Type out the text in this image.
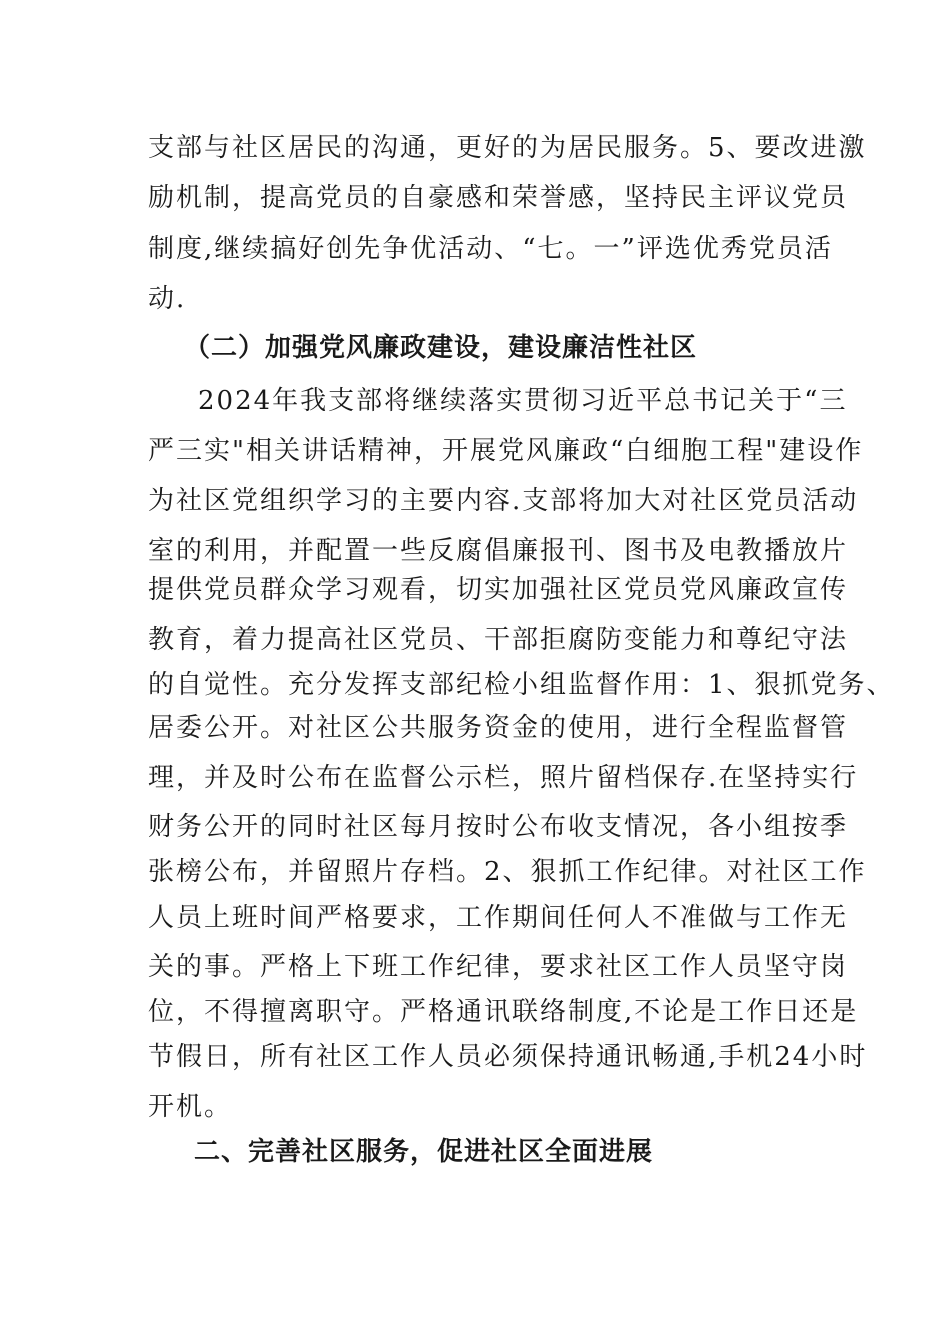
支部与社区居民的沟通，更好的为居民服务。5、要改进激
励机制，提高党员的自豪感和荣誉感，坚持民主评议党员
制度,继续搞好创先争优活动、“七。一”评选优秀党员活
动.
（二）加强党风廉政建设，建设廉洁性社区
2024年我支部将继续落实贯彻习近平总书记关于“三
严三实"相关讲话精神，开展党风廉政“白细胞工程"建设作
为社区党组织学习的主要内容.支部将加大对社区党员活动
室的利用，并配置一些反腐倡廉报刊、图书及电教播放片
提供党员群众学习观看，切实加强社区党员党风廉政宣传
教育，着力提高社区党员、干部拒腐防变能力和尊纪守法
的自觉性。充分发挥支部纪检小组监督作用：1、狠抓党务、
居委公开。对社区公共服务资金的使用，进行全程监督管
理，并及时公布在监督公示栏，照片留档保存.在坚持实行
财务公开的同时社区每月按时公布收支情况，各小组按季
张榜公布，并留照片存档。2、狠抓工作纪律。对社区工作
人员上班时间严格要求，工作期间任何人不准做与工作无
关的事。严格上下班工作纪律，要求社区工作人员坚守岗
位，不得擅离职守。严格通讯联络制度,不论是工作日还是
节假日，所有社区工作人员必须保持通讯畅通,手机24小时
开机。
二、完善社区服务，促进社区全面进展
